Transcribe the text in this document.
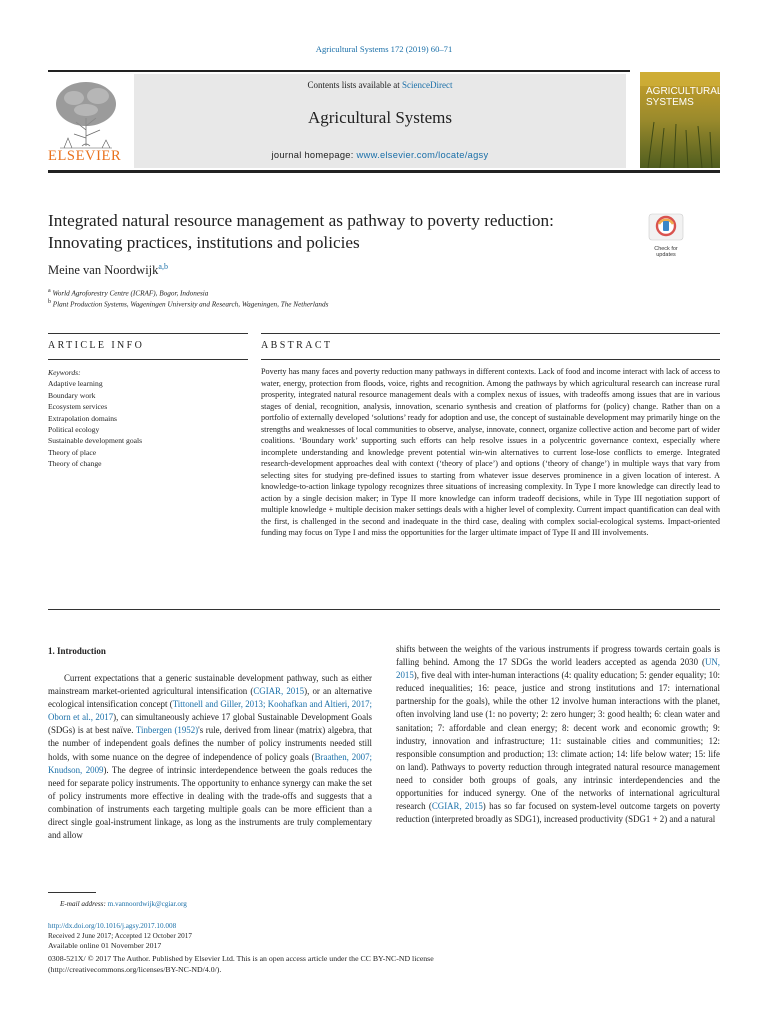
Agricultural Systems 172 (2019) 60–71
ELSEVIER
Contents lists available at ScienceDirect
Agricultural Systems
journal homepage: www.elsevier.com/locate/agsy
AGRICULTURAL
SYSTEMS
Integrated natural resource management as pathway to poverty reduction:
Innovating practices, institutions and policies	Check for
updates
Meine van Noordwijk$^{a,b}$
$^a$ World Agroforestry Centre (ICRAF), Bogor, Indonesia
$^b$ Plant Production Systems, Wageningen University and Research, Wageningen, The Netherlands
ARTICLE INFO	ABSTRACT
Keywords:
Adaptive learning
Boundary work
Ecosystem services
Extrapolation domains
Political ecology
Sustainable development goals
Theory of place
Theory of change
Poverty has many faces and poverty reduction many pathways in different contexts. Lack of food and income interact with lack of access to water, energy, protection from floods, voice, rights and recognition. Among the pathways by which agricultural research can increase rural prosperity, integrated natural resource management deals with a complex nexus of issues, with tradeoffs among issues that are in various stages of denial, recognition, analysis, innovation, scenario synthesis and creation of platforms for (policy) change. Rather than on a portfolio of externally developed ‘solutions’ ready for adoption and use, the concept of sustainable development may primarily hinge on the strengths and weaknesses of local communities to observe, analyse, innovate, connect, organize collective action and become part of wider coalitions. ‘Boundary work’ supporting such efforts can help resolve issues in a polycentric governance context, especially where incomplete understanding and knowledge prevent potential win-win alternatives to current lose-lose conflicts to emerge. Integrated research-development approaches deal with context (‘theory of place’) and options (‘theory of change’) in multiple ways that vary from selecting sites for studying pre-defined issues to starting from whatever issue deserves prominence in a given location of interest. A knowledge-to-action linkage typology recognizes three situations of increasing complexity. In Type I more knowledge can directly lead to action by a single decision maker; in Type II more knowledge can inform tradeoff decisions, while in Type III negotiation support of multiple knowledge + multiple decision maker settings deals with a higher level of complexity. Current impact quantification can deal with the first, is challenged in the second and inadequate in the third case, dealing with complex social-ecological systems. Impact-oriented funding may focus on Type I and miss the opportunities for the larger ultimate impact of Type II and III involvements.
1. Introduction

Current expectations that a generic sustainable development pathway, such as either mainstream market-oriented agricultural intensification (CGIAR, 2015), or an alternative ecological intensification concept (Tittonell and Giller, 2013; Koohafkan and Altieri, 2017; Oborn et al., 2017), can simultaneously achieve 17 global Sustainable Development Goals (SDGs) is at best naïve. Tinbergen (1952)'s rule, derived from linear (matrix) algebra, that the number of independent goals defines the number of policy instruments needed still holds, with some nuance on the degree of independence of policy goals (Braathen, 2007; Knudson, 2009). The degree of intrinsic interdependence between the goals reduces the need for separate policy instruments. The opportunity to enhance synergy can make the set of policy instruments more effective in dealing with the trade-offs and suggests that a combination of instruments each targeting multiple goals can be more efficient than a direct single goal-instrument linkage, as long as the instruments are truly complementary and allow

shifts between the weights of the various instruments if progress towards certain goals is falling behind. Among the 17 SDGs the world leaders accepted as agenda 2030 (UN, 2015), five deal with inter-human interactions (4: quality education; 5: gender equality; 10: reduced inequalities; 16: peace, justice and strong institutions and 17: international partnership for the goals), while the other 12 involve human interactions with the planet, often involving land use (1: no poverty; 2: zero hunger; 3: good health; 6: clean water and sanitation; 7: affordable and clean energy; 8: decent work and economic growth; 9: industry, innovation and infrastructure; 11: sustainable cities and communities; 12: responsible consumption and production; 13: climate action; 14: life below water; 15: life on land). Pathways to poverty reduction through integrated natural resource management need to consider both groups of goals, any intrinsic interdependencies and the opportunities for induced synergy. One of the networks of international agricultural research (CGIAR, 2015) has so far focused on system-level outcome targets on poverty reduction (interpreted broadly as SDG1), increased productivity (SDG1 + 2) and a natural

E-mail address: m.vannoordwijk@cgiar.org
http://dx.doi.org/10.1016/j.agsy.2017.10.008
Received 2 June 2017; Accepted 12 October 2017
Available online 01 November 2017
0308-521X/ © 2017 The Author. Published by Elsevier Ltd. This is an open access article under the CC BY-NC-ND license
(http://creativecommons.org/licenses/BY-NC-ND/4.0/).
